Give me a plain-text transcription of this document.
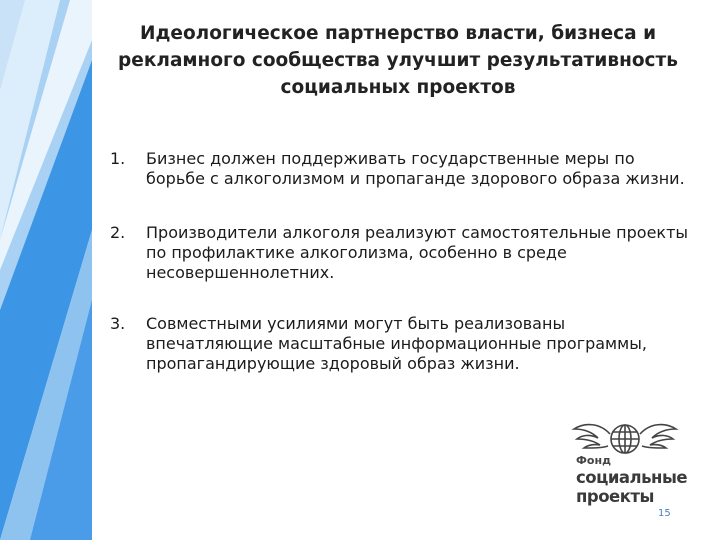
Идеологическое партнерство власти, бизнеса и
рекламного сообщества улучшит результативность
социальных проектов
1.	Бизнес должен поддерживать государственные меры по
борьбе с алкоголизмом и пропаганде здорового образа жизни.
2.	Производители алкоголя реализуют самостоятельные проекты
по профилактике алкоголизма, особенно в среде
несовершеннолетних.
3.	Совместными усилиями могут быть реализованы
впечатляющие масштабные информационные программы,
пропагандирующие здоровый образ жизни.
Фонд
социальные
проекты
15
